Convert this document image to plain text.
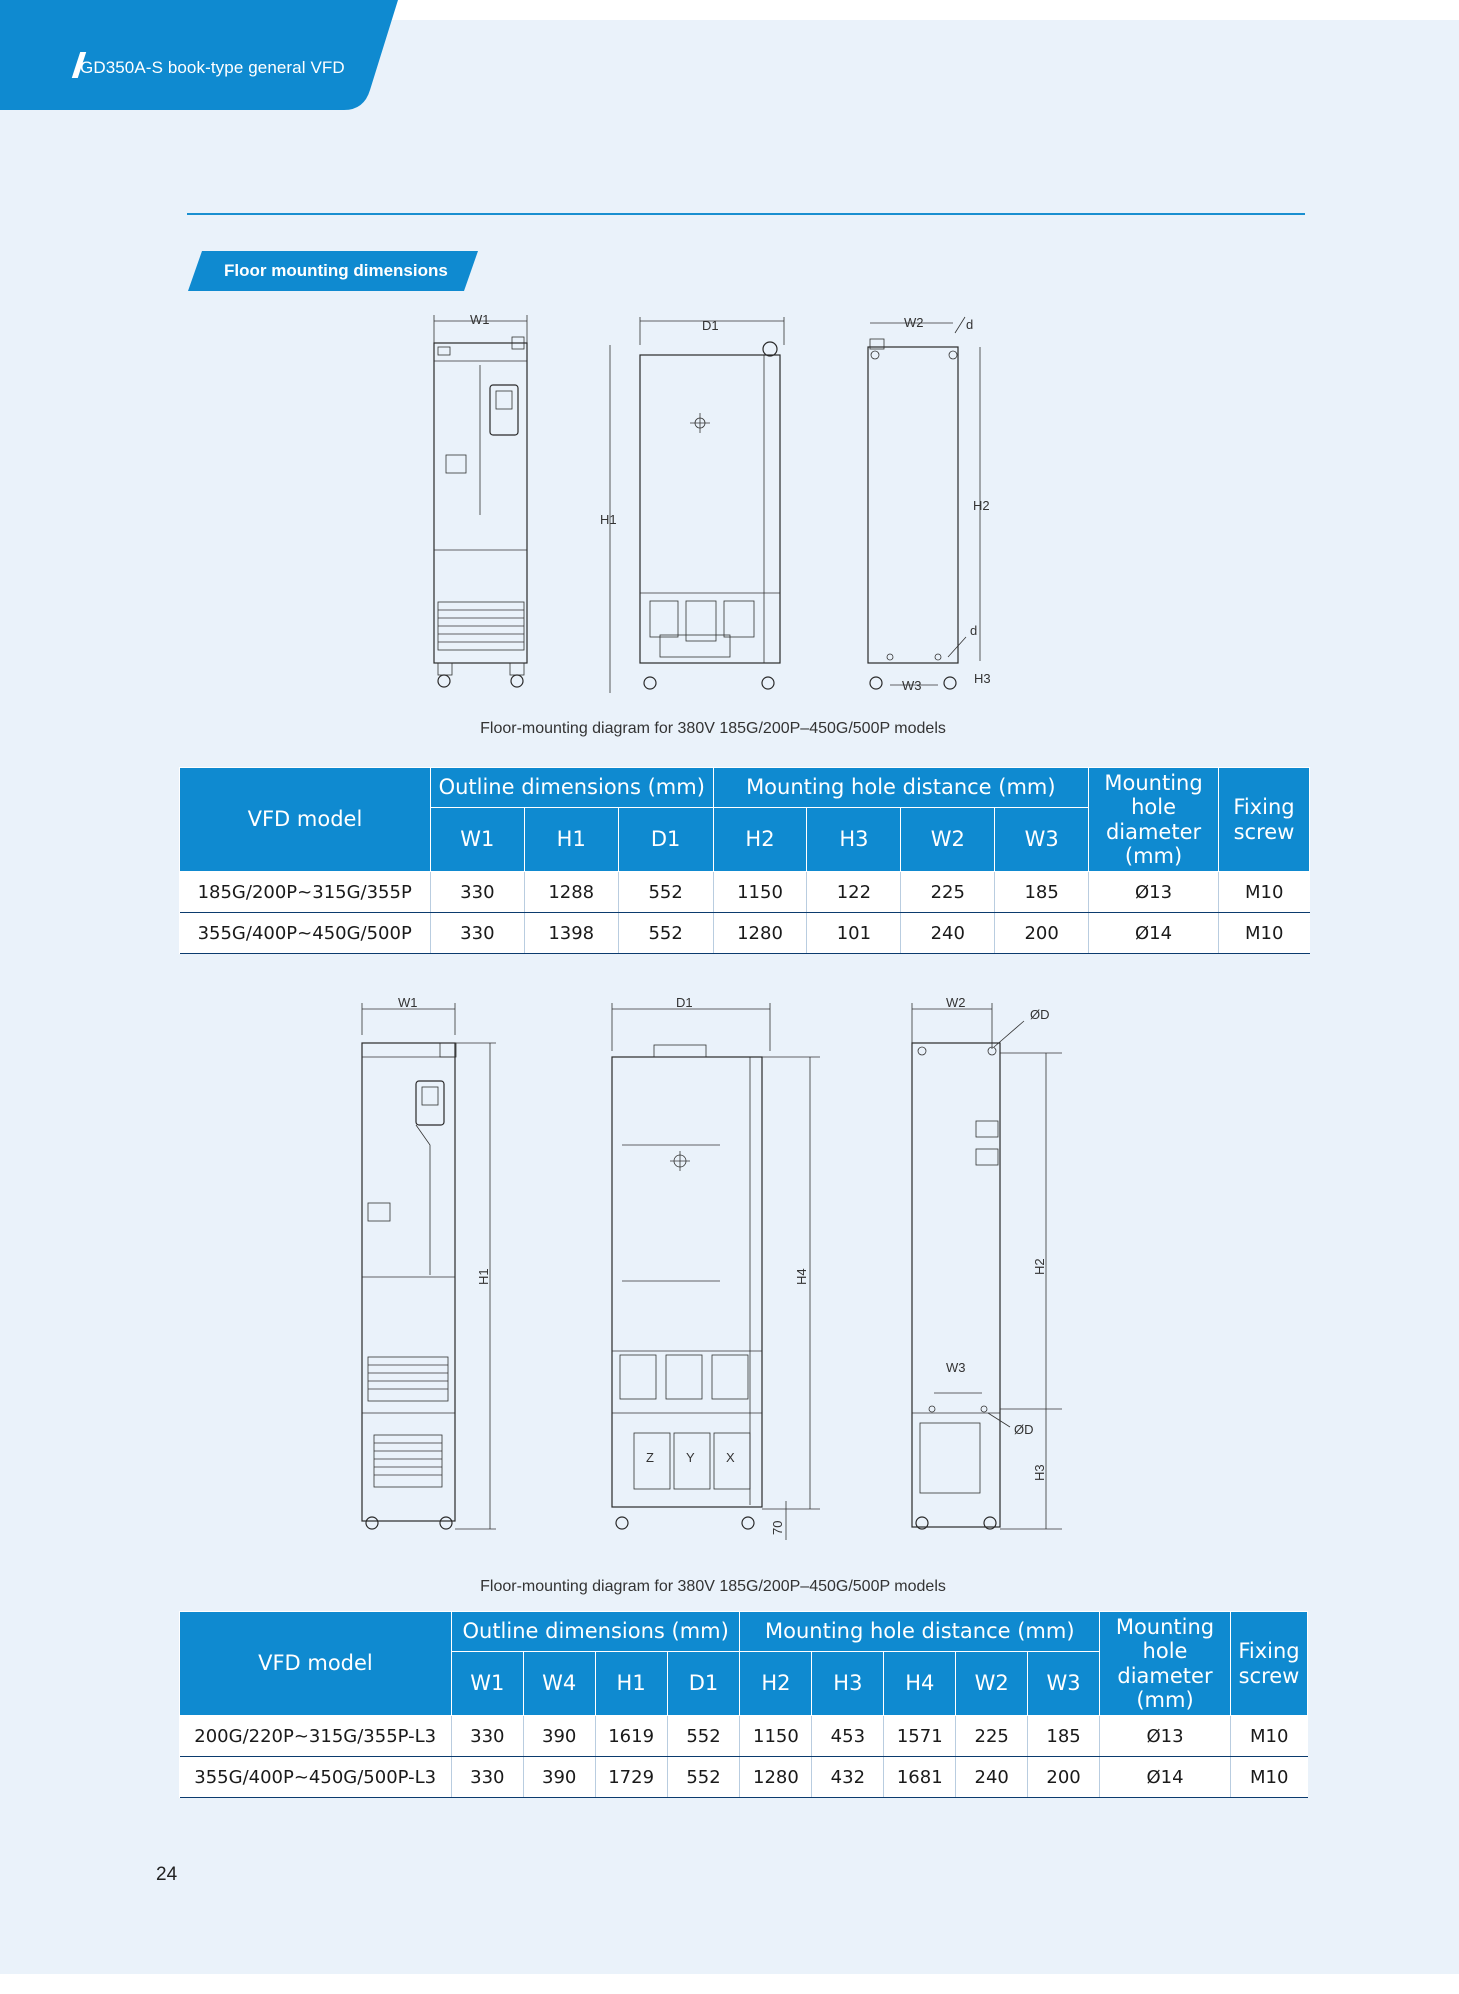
GD350A-S book-type general VFD
Floor mounting dimensions
W1	D1
H1
W2	d
H2
d
W3	H3
Floor-mounting diagram for 380V 185G/200P–450G/500P models
VFD model	Outline dimensions (mm)			Mounting hole distance (mm)				Mounting hole diameter (mm)	Fixing screw
	W1	H1	D1	H2	H3	W2	W3		
185G/200P~315G/355P	330	1288	552	1150	122	225	185	Ø13	M10
355G/400P~450G/500P	330	1398	552	1280	101	240	200	Ø14	M10
W1
H1
D1
Z Y X
H4
70
W2
ØD
W3
ØD
H2
H3
Floor-mounting diagram for 380V 185G/200P–450G/500P models
VFD model	Outline dimensions (mm)				Mounting hole distance (mm)					Mounting hole diameter (mm)	Fixing screw
	W1	W4	H1	D1	H2	H3	H4	W2	W3		
200G/220P~315G/355P-L3	330	390	1619	552	1150	453	1571	225	185	Ø13	M10
355G/400P~450G/500P-L3	330	390	1729	552	1280	432	1681	240	200	Ø14	M10
24
